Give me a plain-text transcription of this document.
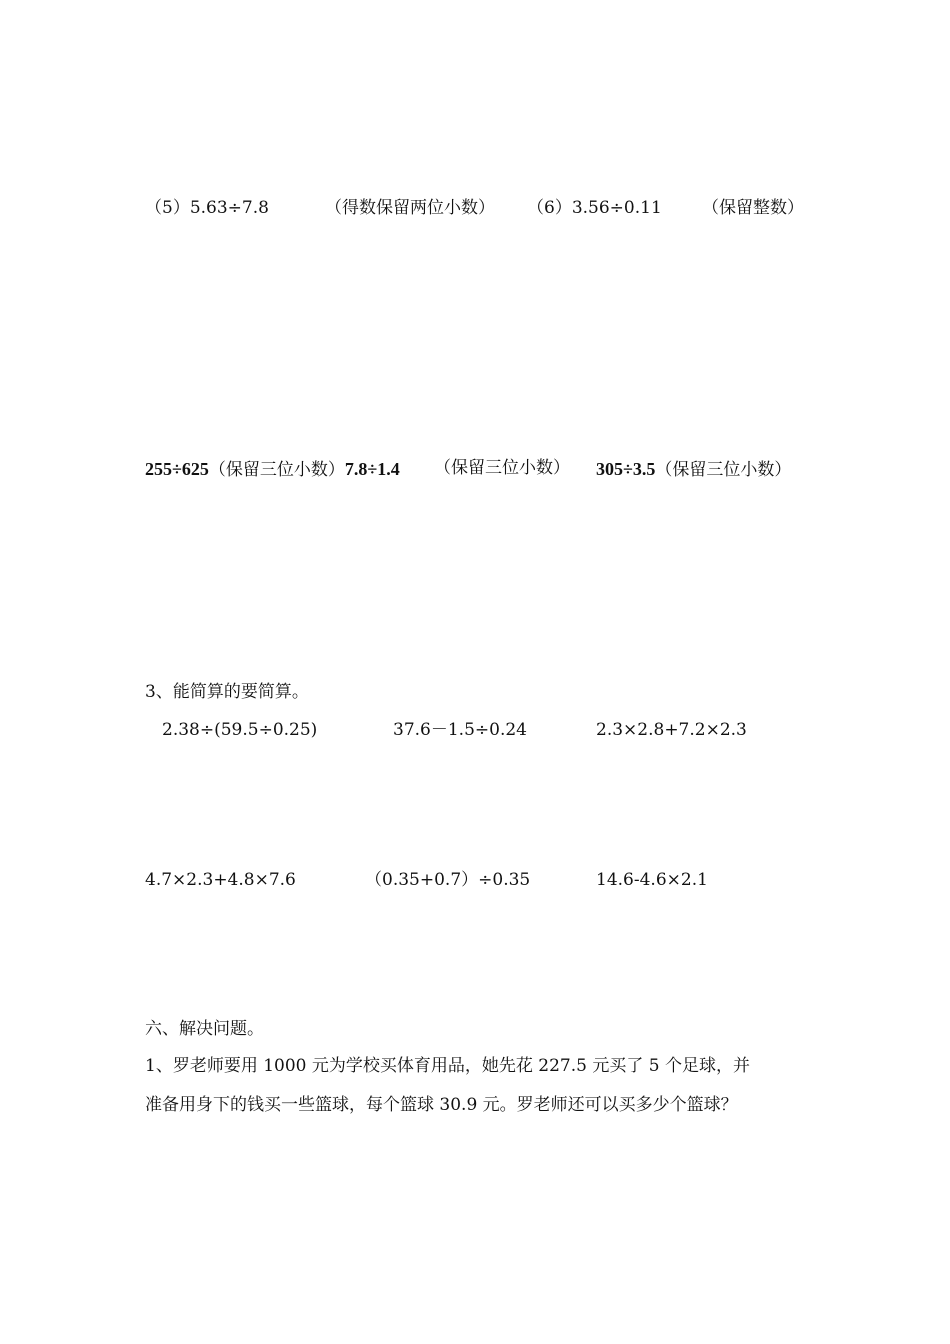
（5）5.63÷7.8	（得数保留两位小数） （6）3.56÷0.11 （保留整数）
255÷625（保留三位小数）7.8÷1.4 （保留三位小数） 305÷3.5（保留三位小数）
3、能简算的要简算。
2.38÷(59.5÷0.25)	37.6－1.5÷0.24	2.3×2.8+7.2×2.3
4.7×2.3+4.8×7.6	（0.35+0.7）÷0.35	14.6-4.6×2.1
六、解决问题。
1、罗老师要用 1000 元为学校买体育用品，她先花 227.5 元买了 5 个足球，并
准备用身下的钱买一些篮球，每个篮球 30.9 元。罗老师还可以买多少个篮球？
